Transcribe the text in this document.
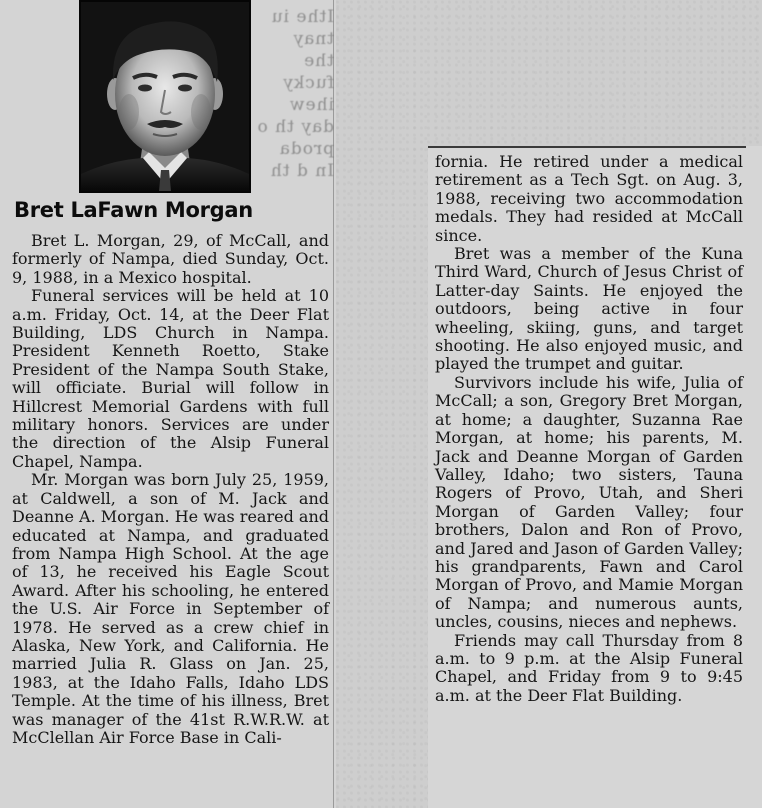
Ithe iu tnay the fucky ihew day th o proda In d th
Bret LaFawn Morgan

Bret L. Morgan, 29, of McCall, and formerly of Nampa, died Sunday, Oct. 9, 1988, in a Mexico hospital.

Funeral services will be held at 10 a.m. Friday, Oct. 14, at the Deer Flat Building, LDS Church in Nampa. President Kenneth Roetto, Stake President of the Nampa South Stake, will officiate. Burial will follow in Hillcrest Memorial Gardens with full military honors. Services are under the direction of the Alsip Funeral Chapel, Nampa.

Mr. Morgan was born July 25, 1959, at Caldwell, a son of M. Jack and Deanne A. Morgan. He was reared and educated at Nampa, and graduated from Nampa High School. At the age of 13, he received his Eagle Scout Award. After his schooling, he entered the U.S. Air Force in September of 1978. He served as a crew chief in Alaska, New York, and California. He married Julia R. Glass on Jan. 25, 1983, at the Idaho Falls, Idaho LDS Temple. At the time of his illness, Bret was manager of the 41st R.W.R.W. at McClellan Air Force Base in Cali-

fornia. He retired under a medical retirement as a Tech Sgt. on Aug. 3, 1988, receiving two accommodation medals. They had resided at McCall since.

Bret was a member of the Kuna Third Ward, Church of Jesus Christ of Latter-day Saints. He enjoyed the outdoors, being active in four wheeling, skiing, guns, and target shooting. He also enjoyed music, and played the trumpet and guitar.

Survivors include his wife, Julia of McCall; a son, Gregory Bret Morgan, at home; a daughter, Suzanna Rae Morgan, at home; his parents, M. Jack and Deanne Morgan of Garden Valley, Idaho; two sisters, Tauna Rogers of Provo, Utah, and Sheri Morgan of Garden Valley; four brothers, Dalon and Ron of Provo, and Jared and Jason of Garden Valley; his grandparents, Fawn and Carol Morgan of Provo, and Mamie Morgan of Nampa; and numerous aunts, uncles, cousins, nieces and nephews.

Friends may call Thursday from 8 a.m. to 9 p.m. at the Alsip Funeral Chapel, and Friday from 9 to 9:45 a.m. at the Deer Flat Building.
